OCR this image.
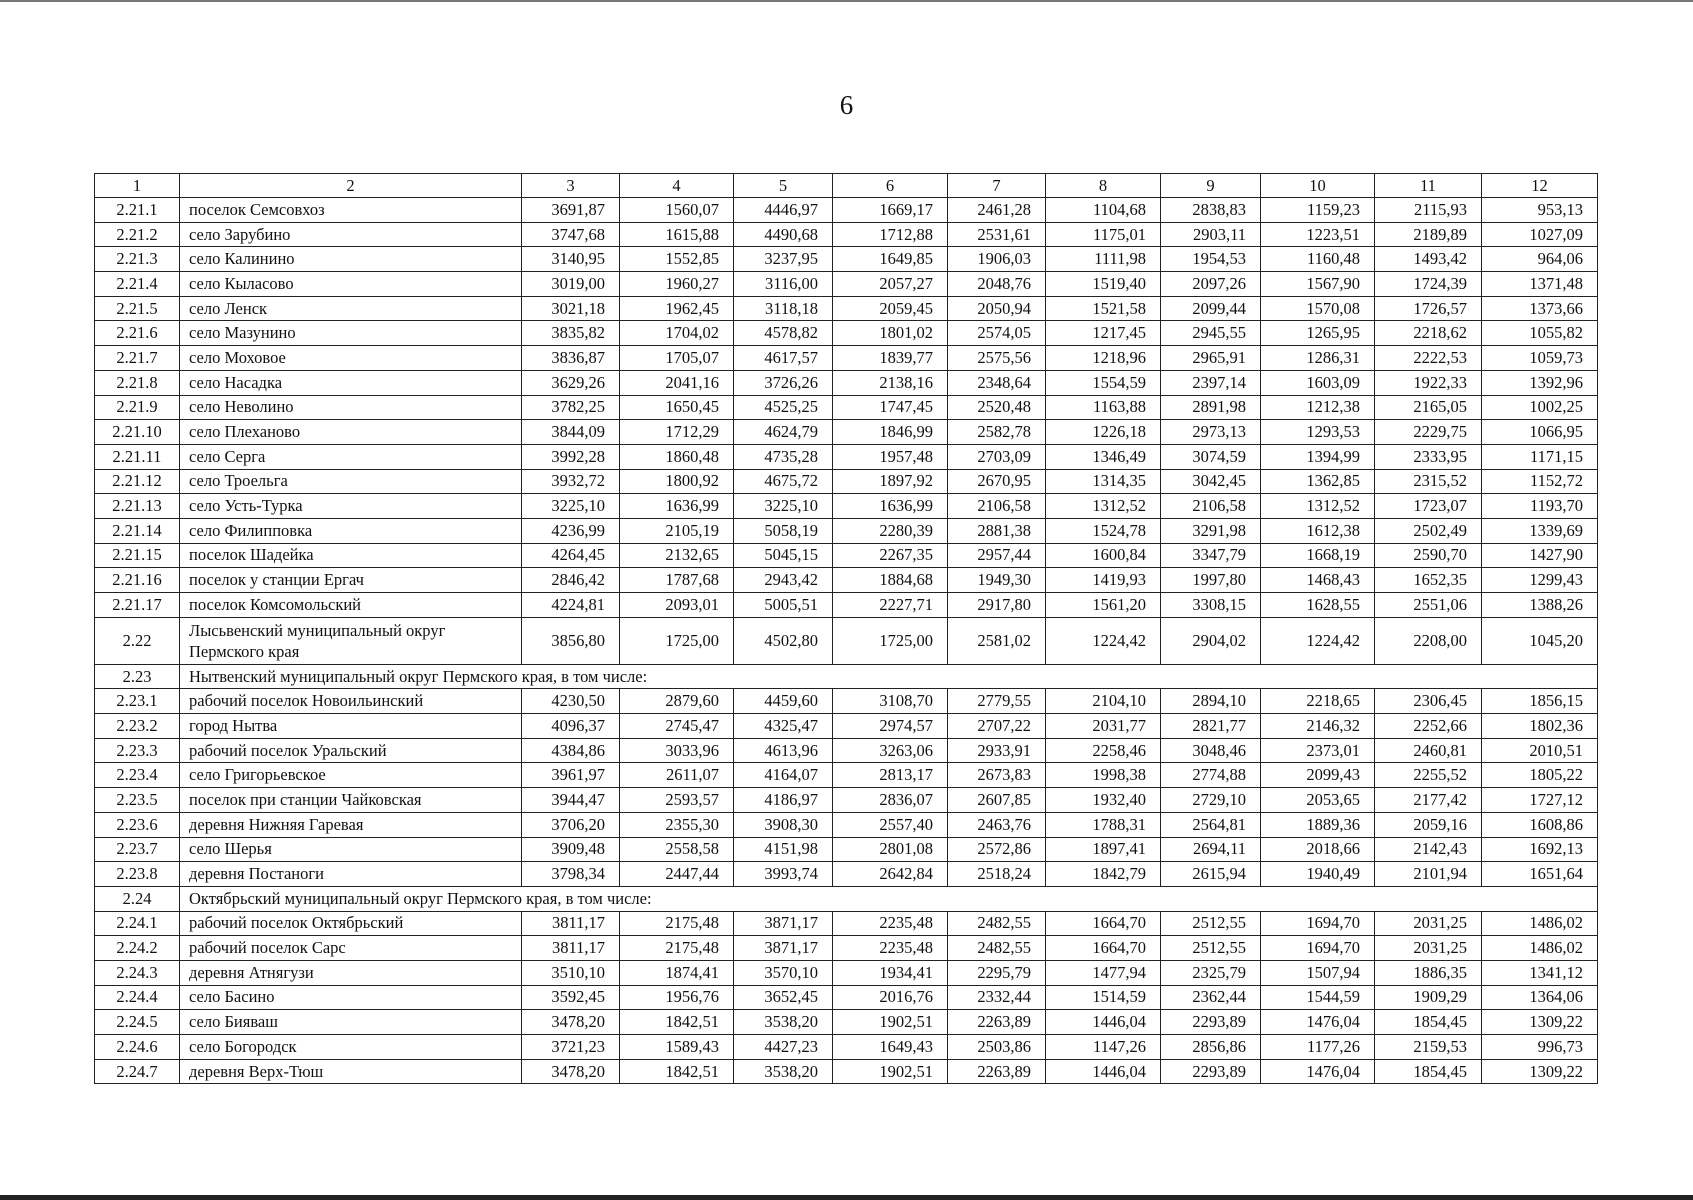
6
1	2	3	4	5	6	7	8	9	10	11	12
2.21.1	поселок Семсовхоз	3691,87	1560,07	4446,97	1669,17	2461,28	1104,68	2838,83	1159,23	2115,93	953,13
2.21.2	село Зарубино	3747,68	1615,88	4490,68	1712,88	2531,61	1175,01	2903,11	1223,51	2189,89	1027,09
2.21.3	село Калинино	3140,95	1552,85	3237,95	1649,85	1906,03	1111,98	1954,53	1160,48	1493,42	964,06
2.21.4	село Кыласово	3019,00	1960,27	3116,00	2057,27	2048,76	1519,40	2097,26	1567,90	1724,39	1371,48
2.21.5	село Ленск	3021,18	1962,45	3118,18	2059,45	2050,94	1521,58	2099,44	1570,08	1726,57	1373,66
2.21.6	село Мазунино	3835,82	1704,02	4578,82	1801,02	2574,05	1217,45	2945,55	1265,95	2218,62	1055,82
2.21.7	село Моховое	3836,87	1705,07	4617,57	1839,77	2575,56	1218,96	2965,91	1286,31	2222,53	1059,73
2.21.8	село Насадка	3629,26	2041,16	3726,26	2138,16	2348,64	1554,59	2397,14	1603,09	1922,33	1392,96
2.21.9	село Неволино	3782,25	1650,45	4525,25	1747,45	2520,48	1163,88	2891,98	1212,38	2165,05	1002,25
2.21.10	село Плеханово	3844,09	1712,29	4624,79	1846,99	2582,78	1226,18	2973,13	1293,53	2229,75	1066,95
2.21.11	село Серга	3992,28	1860,48	4735,28	1957,48	2703,09	1346,49	3074,59	1394,99	2333,95	1171,15
2.21.12	село Троельга	3932,72	1800,92	4675,72	1897,92	2670,95	1314,35	3042,45	1362,85	2315,52	1152,72
2.21.13	село Усть-Турка	3225,10	1636,99	3225,10	1636,99	2106,58	1312,52	2106,58	1312,52	1723,07	1193,70
2.21.14	село Филипповка	4236,99	2105,19	5058,19	2280,39	2881,38	1524,78	3291,98	1612,38	2502,49	1339,69
2.21.15	поселок Шадейка	4264,45	2132,65	5045,15	2267,35	2957,44	1600,84	3347,79	1668,19	2590,70	1427,90
2.21.16	поселок у станции Ергач	2846,42	1787,68	2943,42	1884,68	1949,30	1419,93	1997,80	1468,43	1652,35	1299,43
2.21.17	поселок Комсомольский	4224,81	2093,01	5005,51	2227,71	2917,80	1561,20	3308,15	1628,55	2551,06	1388,26
2.22	Лысьвенский муниципальный округ Пермского края	3856,80	1725,00	4502,80	1725,00	2581,02	1224,42	2904,02	1224,42	2208,00	1045,20
2.23	Нытвенский муниципальный округ Пермского края, в том числе:										
2.23.1	рабочий поселок Новоильинский	4230,50	2879,60	4459,60	3108,70	2779,55	2104,10	2894,10	2218,65	2306,45	1856,15
2.23.2	город Нытва	4096,37	2745,47	4325,47	2974,57	2707,22	2031,77	2821,77	2146,32	2252,66	1802,36
2.23.3	рабочий поселок Уральский	4384,86	3033,96	4613,96	3263,06	2933,91	2258,46	3048,46	2373,01	2460,81	2010,51
2.23.4	село Григорьевское	3961,97	2611,07	4164,07	2813,17	2673,83	1998,38	2774,88	2099,43	2255,52	1805,22
2.23.5	поселок при станции Чайковская	3944,47	2593,57	4186,97	2836,07	2607,85	1932,40	2729,10	2053,65	2177,42	1727,12
2.23.6	деревня Нижняя Гаревая	3706,20	2355,30	3908,30	2557,40	2463,76	1788,31	2564,81	1889,36	2059,16	1608,86
2.23.7	село Шерья	3909,48	2558,58	4151,98	2801,08	2572,86	1897,41	2694,11	2018,66	2142,43	1692,13
2.23.8	деревня Постаноги	3798,34	2447,44	3993,74	2642,84	2518,24	1842,79	2615,94	1940,49	2101,94	1651,64
2.24	Октябрьский муниципальный округ Пермского края, в том числе:										
2.24.1	рабочий поселок Октябрьский	3811,17	2175,48	3871,17	2235,48	2482,55	1664,70	2512,55	1694,70	2031,25	1486,02
2.24.2	рабочий поселок Сарс	3811,17	2175,48	3871,17	2235,48	2482,55	1664,70	2512,55	1694,70	2031,25	1486,02
2.24.3	деревня Атнягузи	3510,10	1874,41	3570,10	1934,41	2295,79	1477,94	2325,79	1507,94	1886,35	1341,12
2.24.4	село Басино	3592,45	1956,76	3652,45	2016,76	2332,44	1514,59	2362,44	1544,59	1909,29	1364,06
2.24.5	село Бияваш	3478,20	1842,51	3538,20	1902,51	2263,89	1446,04	2293,89	1476,04	1854,45	1309,22
2.24.6	село Богородск	3721,23	1589,43	4427,23	1649,43	2503,86	1147,26	2856,86	1177,26	2159,53	996,73
2.24.7	деревня Верх-Тюш	3478,20	1842,51	3538,20	1902,51	2263,89	1446,04	2293,89	1476,04	1854,45	1309,22
